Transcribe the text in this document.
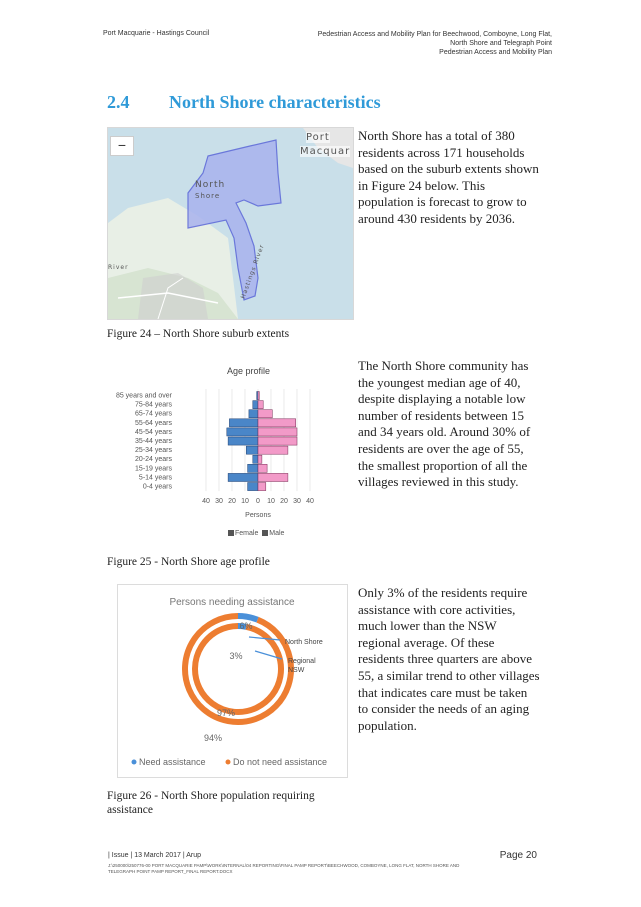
Port Macquarie - Hastings Council	Pedestrian Access and Mobility Plan for Beechwood, Comboyne, Long Flat,
North Shore and Telegraph Point
Pedestrian Access and Mobility Plan
2.4 North Shore characteristics
−	Port
Macquar
North
Shore
River	Hastings River
North Shore has a total of 380 residents across 171 households based on the suburb extents shown in Figure 24 below. This population is forecast to grow to around 430 residents by 2036.
Figure 24 – North Shore suburb extents
Age profile
40 30 20 10 0 10 20 30 40
Persons
85 years and over
75-84 years
65-74 years
55-64 years
45-54 years
35-44 years
25-34 years
20-24 years
15-19 years
5-14 years
0-4 years
Female Male
The North Shore community has the youngest median age of 40, despite displaying a notable low number of residents between 15 and 34 years old. Around 30% of residents are over the age of 55, the smallest proportion of all the villages reviewed in this study.
Figure 25 - North Shore age profile
Persons needing assistance
6%
3%
97%
94%
North Shore
Regional
NSW
Need assistance	Do not need assistance
Only 3% of the residents require assistance with core activities, much lower than the NSW regional average. Of these residents three quarters are above 55, a similar trend to other villages that indicates care must be taken to consider the needs of an aging population.
Figure 26 - North Shore population requiring
assistance
| Issue | 13 March 2017 | Arup	Page 20
J:\250000\250776-00 PORT MACQUARIE PAMP\WORK\INTERNAL\04 REPORTING\FINAL PAMP REPORT\BEECHWOOD, COMBOYNE, LONG FLAT, NORTH SHORE AND TELEGRAPH POINT PAMP REPORT_FINAL REPORT.DOCX
